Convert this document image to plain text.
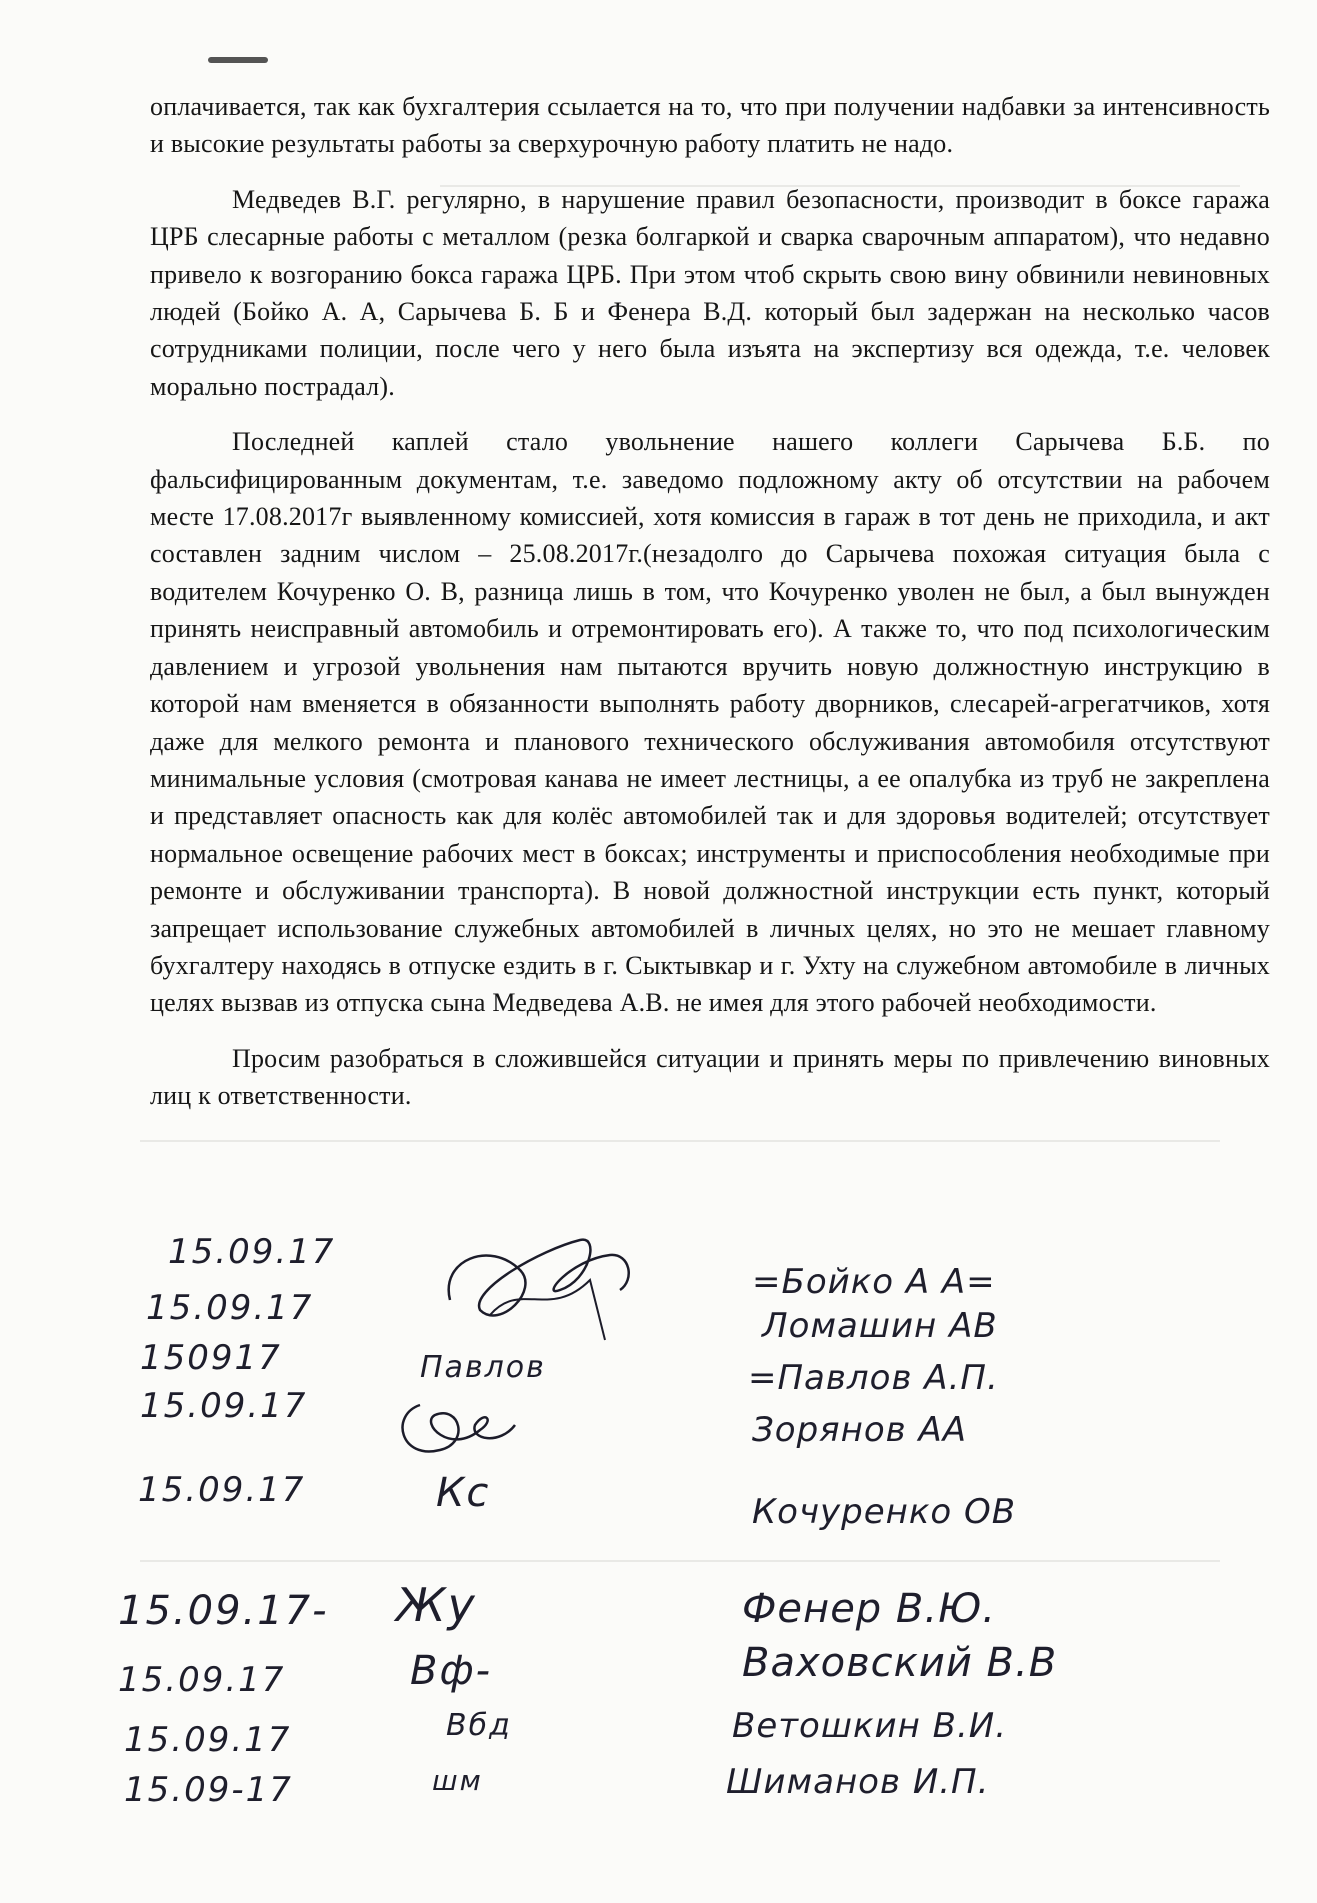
оплачивается, так как бухгалтерия ссылается на то, что при получении надбавки за интенсивность и высокие результаты работы за сверхурочную работу платить не надо.

Медведев В.Г. регулярно, в нарушение правил безопасности, производит в боксе гаража ЦРБ слесарные работы с металлом (резка болгаркой и сварка сварочным аппаратом), что недавно привело к возгоранию бокса гаража ЦРБ. При этом чтоб скрыть свою вину обвинили невиновных людей (Бойко А. А, Сарычева Б. Б и Фенера В.Д. который был задержан на несколько часов сотрудниками полиции, после чего у него была изъята на экспертизу вся одежда, т.е. человек морально пострадал).

Последней каплей стало увольнение нашего коллеги Сарычева Б.Б. по фальсифицированным документам, т.е. заведомо подложному акту об отсутствии на рабочем месте 17.08.2017г выявленному комиссией, хотя комиссия в гараж в тот день не приходила, и акт составлен задним числом – 25.08.2017г.(незадолго до Сарычева похожая ситуация была с водителем Кочуренко О. В, разница лишь в том, что Кочуренко уволен не был, а был вынужден принять неисправный автомобиль и отремонтировать его). А также то, что под психологическим давлением и угрозой увольнения нам пытаются вручить новую должностную инструкцию в которой нам вменяется в обязанности выполнять работу дворников, слесарей-агрегатчиков, хотя даже для мелкого ремонта и планового технического обслуживания автомобиля отсутствуют минимальные условия (смотровая канава не имеет лестницы, а ее опалубка из труб не закреплена и представляет опасность как для колёс автомобилей так и для здоровья водителей; отсутствует нормальное освещение рабочих мест в боксах; инструменты и приспособления необходимые при ремонте и обслуживании транспорта). В новой должностной инструкции есть пункт, который запрещает использование служебных автомобилей в личных целях, но это не мешает главному бухгалтеру находясь в отпуске ездить в г. Сыктывкар и г. Ухту на служебном автомобиле в личных целях вызвав из отпуска сына Медведева А.В. не имея для этого рабочей необходимости.

Просим разобраться в сложившейся ситуации и принять меры по привлечению виновных лиц к ответственности.

15.09.17
15.09.17
150917
15.09.17
15.09.17
15.09.17-
15.09.17
15.09.17
15.09-17
=Бойко А А=
Ломашин АВ
=Павлов А.П.
Зорянов АА
Кочуренко ОВ
Фенер В.Ю.
Ваховский В.В
Ветошкин В.И.
Шиманов И.П.
Павлов
Кс
Жу
Вф-
Вбд
шм
